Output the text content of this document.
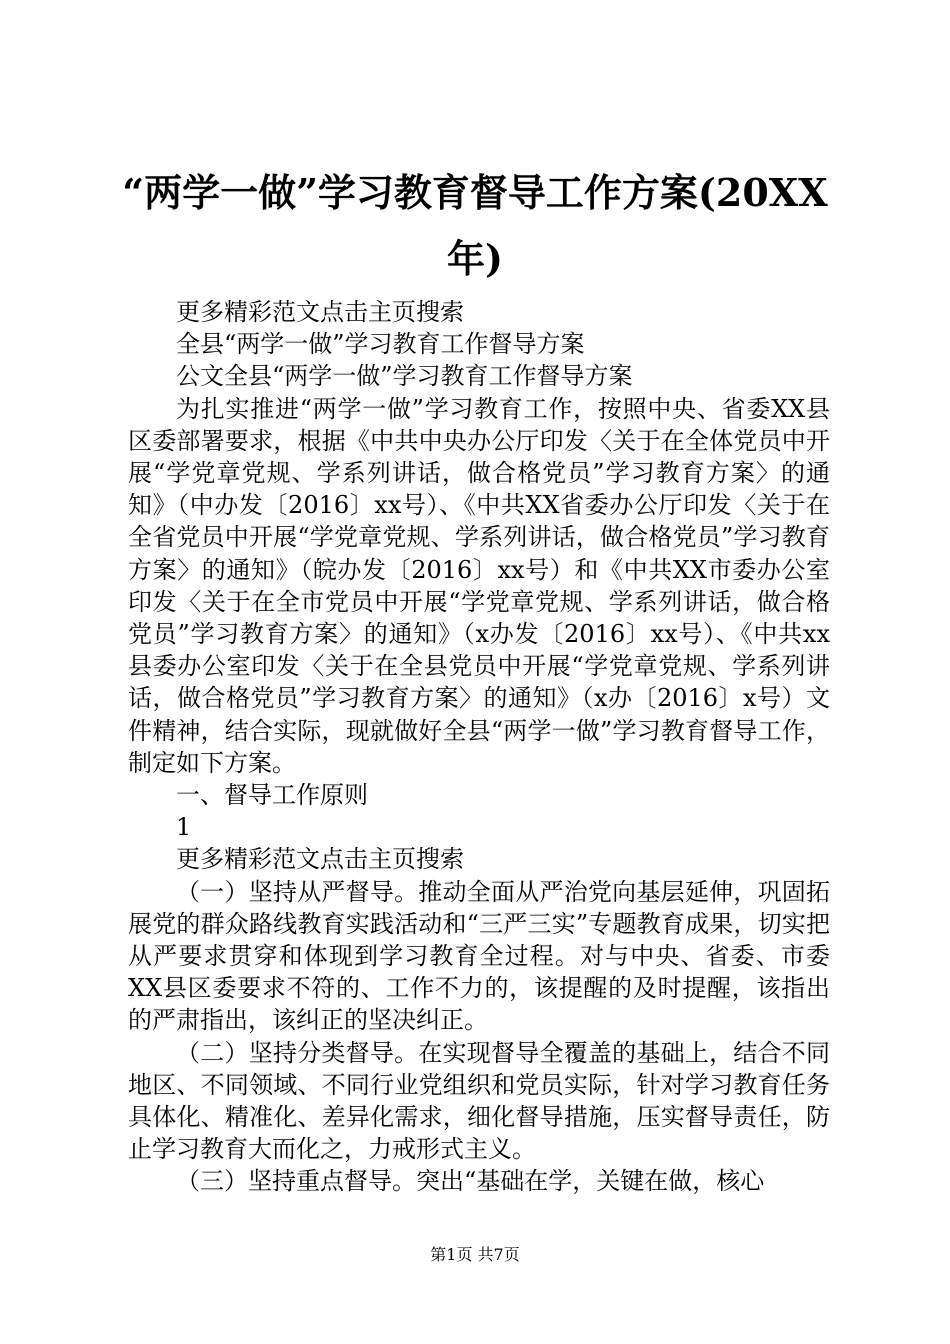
“两学一做”学习教育督导工作方案(20XX年)

更多精彩范文点击主页搜索

全县“两学一做”学习教育工作督导方案

公文全县“两学一做”学习教育工作督导方案

为扎实推进“两学一做”学习教育工作，按照中央、省委XX县区委部署要求，根据《中共中央办公厅印发〈关于在全体党员中开展“学党章党规、学系列讲话，做合格党员”学习教育方案〉的通知》（中办发〔2016〕xx号）、《中共XX省委办公厅印发〈关于在全省党员中开展“学党章党规、学系列讲话，做合格党员”学习教育方案〉的通知》（皖办发〔2016〕xx号）和《中共XX市委办公室印发〈关于在全市党员中开展“学党章党规、学系列讲话，做合格党员”学习教育方案〉的通知》（x办发〔2016〕xx号）、《中共xx县委办公室印发〈关于在全县党员中开展“学党章党规、学系列讲话，做合格党员”学习教育方案〉的通知》（x办〔2016〕x号）文件精神，结合实际，现就做好全县“两学一做”学习教育督导工作，制定如下方案。

一、督导工作原则

1

更多精彩范文点击主页搜索

（一）坚持从严督导。推动全面从严治党向基层延伸，巩固拓展党的群众路线教育实践活动和“三严三实”专题教育成果，切实把从严要求贯穿和体现到学习教育全过程。对与中央、省委、市委XX县区委要求不符的、工作不力的，该提醒的及时提醒，该指出的严肃指出，该纠正的坚决纠正。

（二）坚持分类督导。在实现督导全覆盖的基础上，结合不同地区、不同领域、不同行业党组织和党员实际，针对学习教育任务具体化、精准化、差异化需求，细化督导措施，压实督导责任，防止学习教育大而化之，力戒形式主义。

（三）坚持重点督导。突出“基础在学，关键在做，核心

第1页 共7页
